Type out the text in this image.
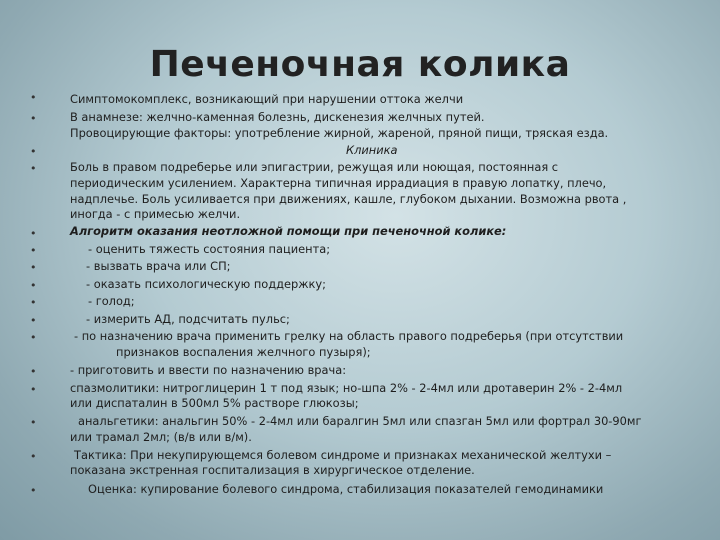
Печеночная колика
•
•
•
•
•
•
•
•
•
•
•
•
•
•
•
•
Симптомокомплекс, возникающий при нарушении оттока желчи
В анамнезе: желчно-каменная болезнь, дискенезия желчных путей.
Провоцирующие факторы: употребление жирной, жареной, пряной пищи, тряская езда.
Клиника
Боль в правом подреберье или эпигастрии, режущая или ноющая, постоянная с
периодическим усилением. Характерна типичная иррадиация в правую лопатку, плечо,
надплечье. Боль усиливается при движениях, кашле, глубоком дыхании. Возможна рвота ,
иногда - с примесью желчи.
Алгоритм оказания неотложной помощи при печеночной колике:
- оценить тяжесть состояния пациента;
- вызвать врача или СП;
- оказать психологическую поддержку;
- голод;
- измерить АД, подсчитать пульс;
- по назначению врача применить грелку на область правого подреберья (при отсутствии
признаков воспаления желчного пузыря);
- приготовить и ввести по назначению врача:
спазмолитики: нитроглицерин 1 т под язык; но-шпа 2% - 2-4мл или дротаверин 2% - 2-4мл
или диспаталин в 500мл 5% растворе глюкозы;
анальгетики: анальгин 50% - 2-4мл или баралгин 5мл или спазган 5мл или фортрал 30-90мг
или трамал 2мл; (в/в или в/м).
Тактика: При некупирующемся болевом синдроме и признаках механической желтухи –
показана экстренная госпитализация в хирургическое отделение.
Оценка: купирование болевого синдрома, стабилизация показателей гемодинамики
